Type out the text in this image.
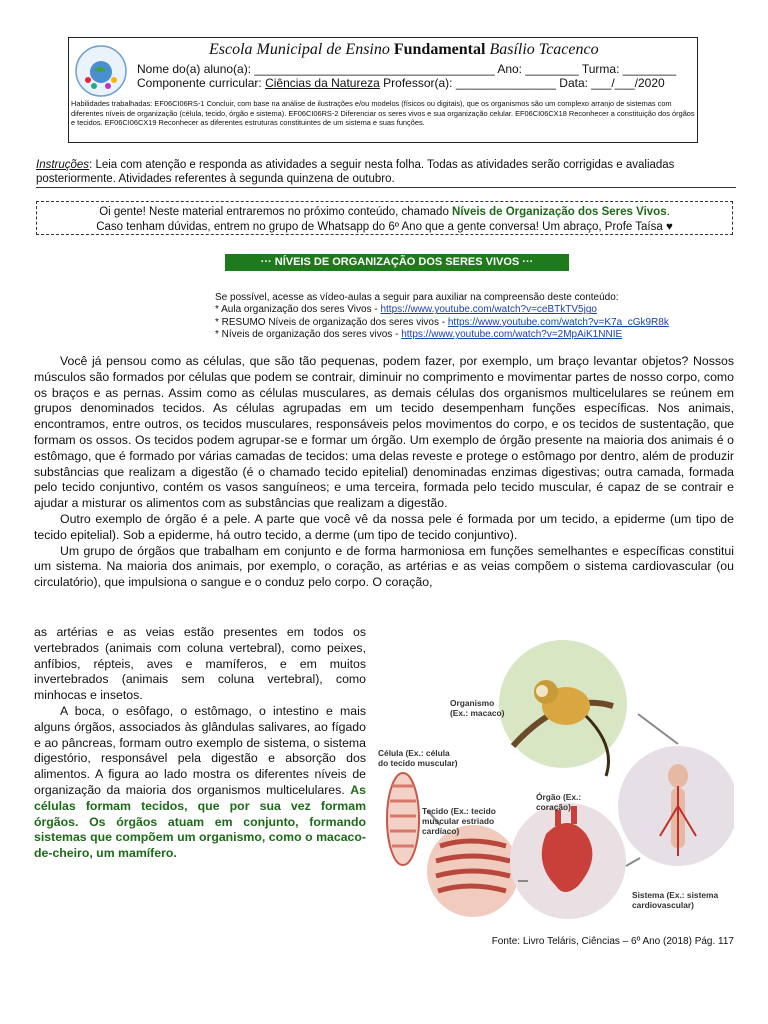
Escola Municipal de Ensino Fundamental Basílio Tcacenco
Nome do(a) aluno(a): ____________________________________ Ano: ________ Turma: ________
Componente curricular: Ciências da Natureza Professor(a): _______________ Data: ___/___/2020
Habilidades trabalhadas: EF06CI06RS-1 Concluir, com base na análise de ilustrações e/ou modelos (físicos ou digitais), que os organismos são um complexo arranjo de sistemas com diferentes níveis de organização (célula, tecido, órgão e sistema). EF06CI06RS-2 Diferenciar os seres vivos e sua organização celular. EF06CI06CX18 Reconhecer a constituição dos órgãos e tecidos. EF06CI06CX19 Reconhecer as diferentes estruturas constituintes de um sistema e suas funções.
Instruções: Leia com atenção e responda as atividades a seguir nesta folha. Todas as atividades serão corrigidas e avaliadas posteriormente. Atividades referentes à segunda quinzena de outubro.
Oi gente! Neste material entraremos no próximo conteúdo, chamado Níveis de Organização dos Seres Vivos.
Caso tenham dúvidas, entrem no grupo de Whatsapp do 6º Ano que a gente conversa! Um abraço, Profe Taísa ♥
··· NÍVEIS DE ORGANIZAÇÃO DOS SERES VIVOS ···
Se possível, acesse as vídeo-aulas a seguir para auxiliar na compreensão deste conteúdo:
* Aula organização dos seres Vivos - https://www.youtube.com/watch?v=ceBTkTV5jgo
* RESUMO Níveis de organização dos seres vivos - https://www.youtube.com/watch?v=K7a_cGk9R8k
* Níveis de organização dos seres vivos - https://www.youtube.com/watch?v=2MpAiK1NNIE

Você já pensou como as células, que são tão pequenas, podem fazer, por exemplo, um braço levantar objetos? Nossos músculos são formados por células que podem se contrair, diminuir no comprimento e movimentar partes de nosso corpo, como os braços e as pernas. Assim como as células musculares, as demais células dos organismos multicelulares se reúnem em grupos denominados tecidos. As células agrupadas em um tecido desempenham funções específicas. Nos animais, encontramos, entre outros, os tecidos musculares, responsáveis pelos movimentos do corpo, e os tecidos de sustentação, que formam os ossos. Os tecidos podem agrupar-se e formar um órgão. Um exemplo de órgão presente na maioria dos animais é o estômago, que é formado por várias camadas de tecidos: uma delas reveste e protege o estômago por dentro, além de produzir substâncias que realizam a digestão (é o chamado tecido epitelial) denominadas enzimas digestivas; outra camada, formada pelo tecido conjuntivo, contém os vasos sanguíneos; e uma terceira, formada pelo tecido muscular, é capaz de se contrair e ajudar a misturar os alimentos com as substâncias que realizam a digestão.

Outro exemplo de órgão é a pele. A parte que você vê da nossa pele é formada por um tecido, a epiderme (um tipo de tecido epitelial). Sob a epiderme, há outro tecido, a derme (um tipo de tecido conjuntivo).

Um grupo de órgãos que trabalham em conjunto e de forma harmoniosa em funções semelhantes e específicas constitui um sistema. Na maioria dos animais, por exemplo, o coração, as artérias e as veias compõem o sistema cardiovascular (ou circulatório), que impulsiona o sangue e o conduz pelo corpo. O coração,

as artérias e as veias estão presentes em todos os vertebrados (animais com coluna vertebral), como peixes, anfíbios, répteis, aves e mamíferos, e em muitos invertebrados (animais sem coluna vertebral), como minhocas e insetos.

A boca, o esôfago, o estômago, o intestino e mais alguns órgãos, associados às glândulas salivares, ao fígado e ao pâncreas, formam outro exemplo de sistema, o sistema digestório, responsável pela digestão e absorção dos alimentos. A figura ao lado mostra os diferentes níveis de organização da maioria dos organismos multicelulares. As células formam tecidos, que por sua vez formam órgãos. Os órgãos atuam em conjunto, formando sistemas que compõem um organismo, como o macaco-de-cheiro, um mamífero.

Organismo (Ex.: macaco)
Célula (Ex.: célula do tecido muscular)
Tecido (Ex.: tecido muscular estriado cardíaco)
Órgão (Ex.: coração)
Sistema (Ex.: sistema cardiovascular)
Fonte: Livro Teláris, Ciências – 6º Ano (2018) Pág. 117
